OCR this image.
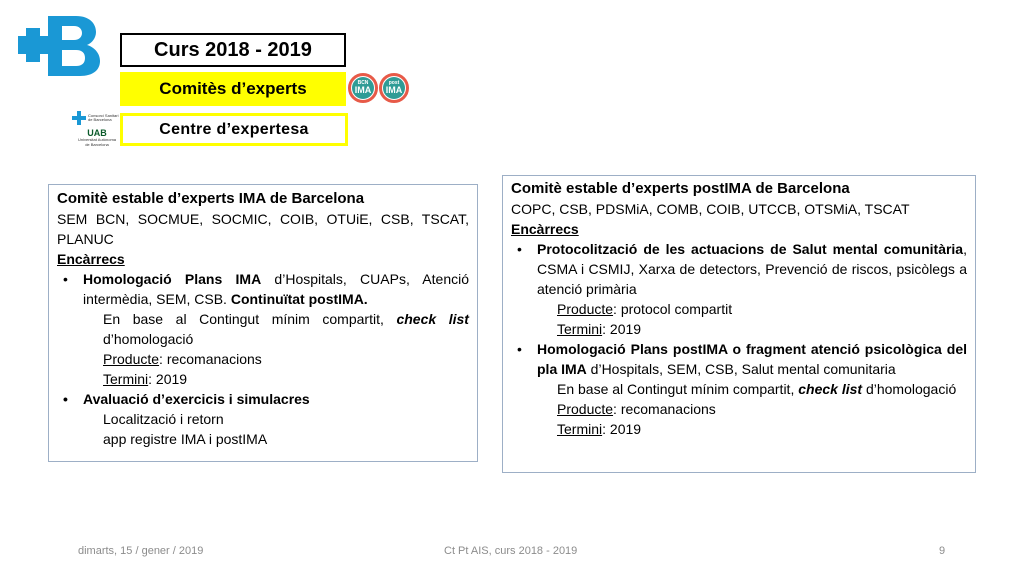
Curs 2018 - 2019
Comitès d’experts
Centre d’expertesa
BCN
IMA
post
IMA
Consorci Sanitari
de Barcelona
UAB
Universitat Autònoma
de Barcelona
Comitè estable d’experts IMA de Barcelona
SEM BCN, SOCMUE, SOCMIC, COIB, OTUiE, CSB, TSCAT, PLANUC
Encàrrecs
• Homologació Plans IMA d’Hospitals, CUAPs, Atenció intermèdia, SEM, CSB. Continuïtat postIMA.
En base al Contingut mínim compartit, check list d’homologació
Producte: recomanacions
Termini: 2019
• Avaluació d’exercicis i simulacres
Localització i retorn
app registre IMA i postIMA
Comitè estable d’experts postIMA de Barcelona
COPC, CSB, PDSMiA, COMB, COIB, UTCCB, OTSMiA, TSCAT
Encàrrecs
• Protocolització de les actuacions de Salut mental comunitària, CSMA i CSMIJ, Xarxa de detectors, Prevenció de riscos, psicòlegs a atenció primària
Producte: protocol compartit
Termini: 2019
• Homologació Plans postIMA o fragment atenció psicològica del pla IMA d’Hospitals, SEM, CSB, Salut mental comunitaria
En base al Contingut mínim compartit, check list d’homologació
Producte: recomanacions
Termini: 2019
dimarts, 15 / gener / 2019	Ct Pt AIS, curs 2018 - 2019	9
